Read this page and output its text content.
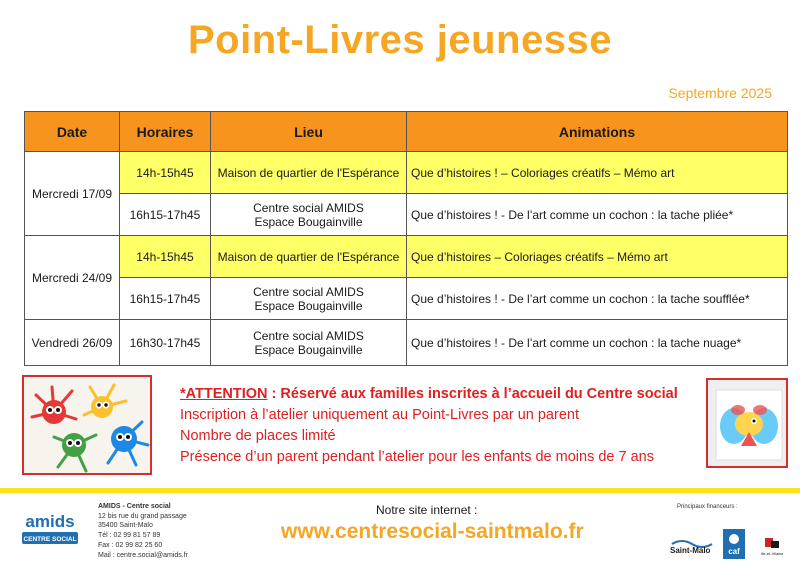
Point-Livres jeunesse
Septembre 2025
Date	Horaires	Lieu	Animations
Mercredi 17/09	14h-15h45	Maison de quartier de l'Espérance	Que d’histoires ! – Coloriages créatifs – Mémo art
	16h15-17h45	Centre social AMIDS
Espace Bougainville	Que d’histoires ! - De l’art comme un cochon : la tache pliée*
Mercredi 24/09	14h-15h45	Maison de quartier de l'Espérance	Que d’histoires – Coloriages créatifs – Mémo art
	16h15-17h45	Centre social AMIDS
Espace Bougainville	Que d’histoires ! - De l’art comme un cochon : la tache soufflée*
Vendredi 26/09	16h30-17h45	Centre social AMIDS
Espace Bougainville	Que d’histoires ! - De l’art comme un cochon : la tache nuage*
*ATTENTION : Réservé aux familles inscrites à l’accueil du Centre social
Inscription à l’atelier uniquement au Point-Livres par un parent
Nombre de places limité
Présence d’un parent pendant l’atelier pour les enfants de moins de 7 ans
amids
CENTRE SOCIAL
AMIDS - Centre social
12 bis rue du grand passage
35400 Saint-Malo
Tél : 02 99 81 57 89
Fax : 02 99 82 25 60
Mail : centre.social@amids.fr
Notre site internet :
www.centresocial-saintmalo.fr
Principaux financeurs :
Saint-Malo caf	Ille-et-Vilaine
